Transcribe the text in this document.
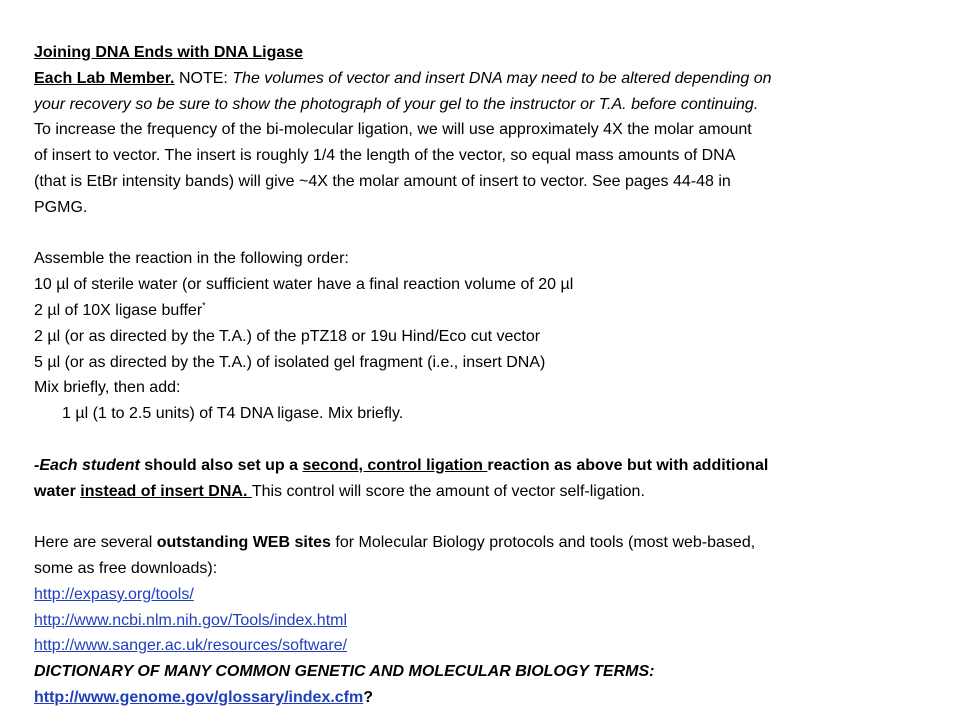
Joining DNA Ends with DNA Ligase
Each Lab Member. NOTE: The volumes of vector and insert DNA may need to be altered depending on
your recovery so be sure to show the photograph of your gel to the instructor or T.A. before continuing.
To increase the frequency of the bi-molecular ligation, we will use approximately 4X the molar amount
of insert to vector. The insert is roughly 1/4 the length of the vector, so equal mass amounts of DNA
(that is EtBr intensity bands) will give ~4X the molar amount of insert to vector. See pages 44-48 in
PGMG.
Assemble the reaction in the following order:
10 µl of sterile water (or sufficient water have a final reaction volume of 20 µl
2 µl of 10X ligase buffer*
2 µl (or as directed by the T.A.) of the pTZ18 or 19u Hind/Eco cut vector
5 µl (or as directed by the T.A.) of isolated gel fragment (i.e., insert DNA)
Mix briefly, then add:
1 µl (1 to 2.5 units) of T4 DNA ligase. Mix briefly.
-Each student should also set up a second, control ligation reaction as above but with additional
water instead of insert DNA. This control will score the amount of vector self-ligation.
Here are several outstanding WEB sites for Molecular Biology protocols and tools (most web-based,
some as free downloads):
http://expasy.org/tools/
http://www.ncbi.nlm.nih.gov/Tools/index.html
http://www.sanger.ac.uk/resources/software/
DICTIONARY OF MANY COMMON GENETIC AND MOLECULAR BIOLOGY TERMS:
http://www.genome.gov/glossary/index.cfm?
